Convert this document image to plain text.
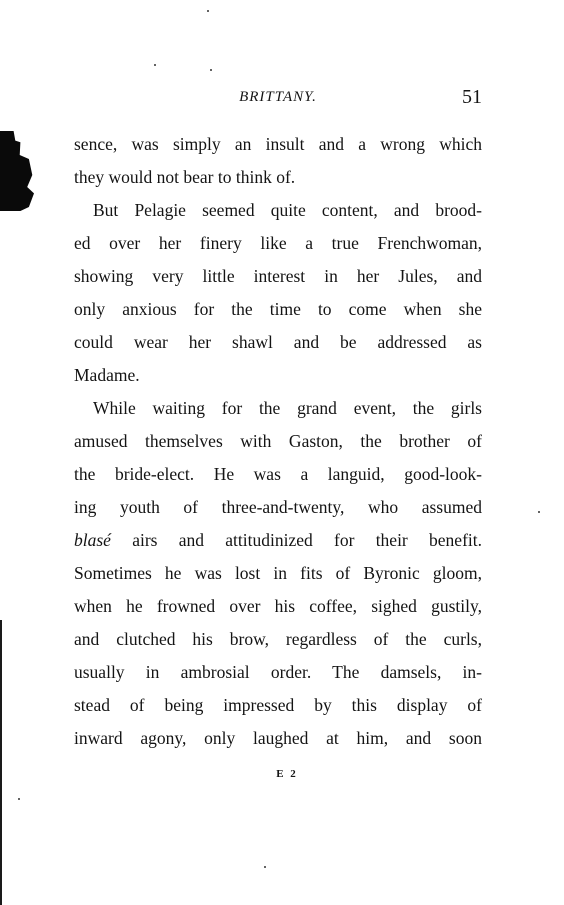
BRITTANY.	51
sence, was simply an insult and a wrong which
they would not bear to think of.
But Pelagie seemed quite content, and brood-
ed over her finery like a true Frenchwoman,
showing very little interest in her Jules, and
only anxious for the time to come when she
could wear her shawl and be addressed as
Madame.
While waiting for the grand event, the girls
amused themselves with Gaston, the brother of
the bride-elect. He was a languid, good-look-
ing youth of three-and-twenty, who assumed
blasé airs and attitudinized for their benefit.
Sometimes he was lost in fits of Byronic gloom,
when he frowned over his coffee, sighed gustily,
and clutched his brow, regardless of the curls,
usually in ambrosial order. The damsels, in-
stead of being impressed by this display of
inward agony, only laughed at him, and soon
E 2
